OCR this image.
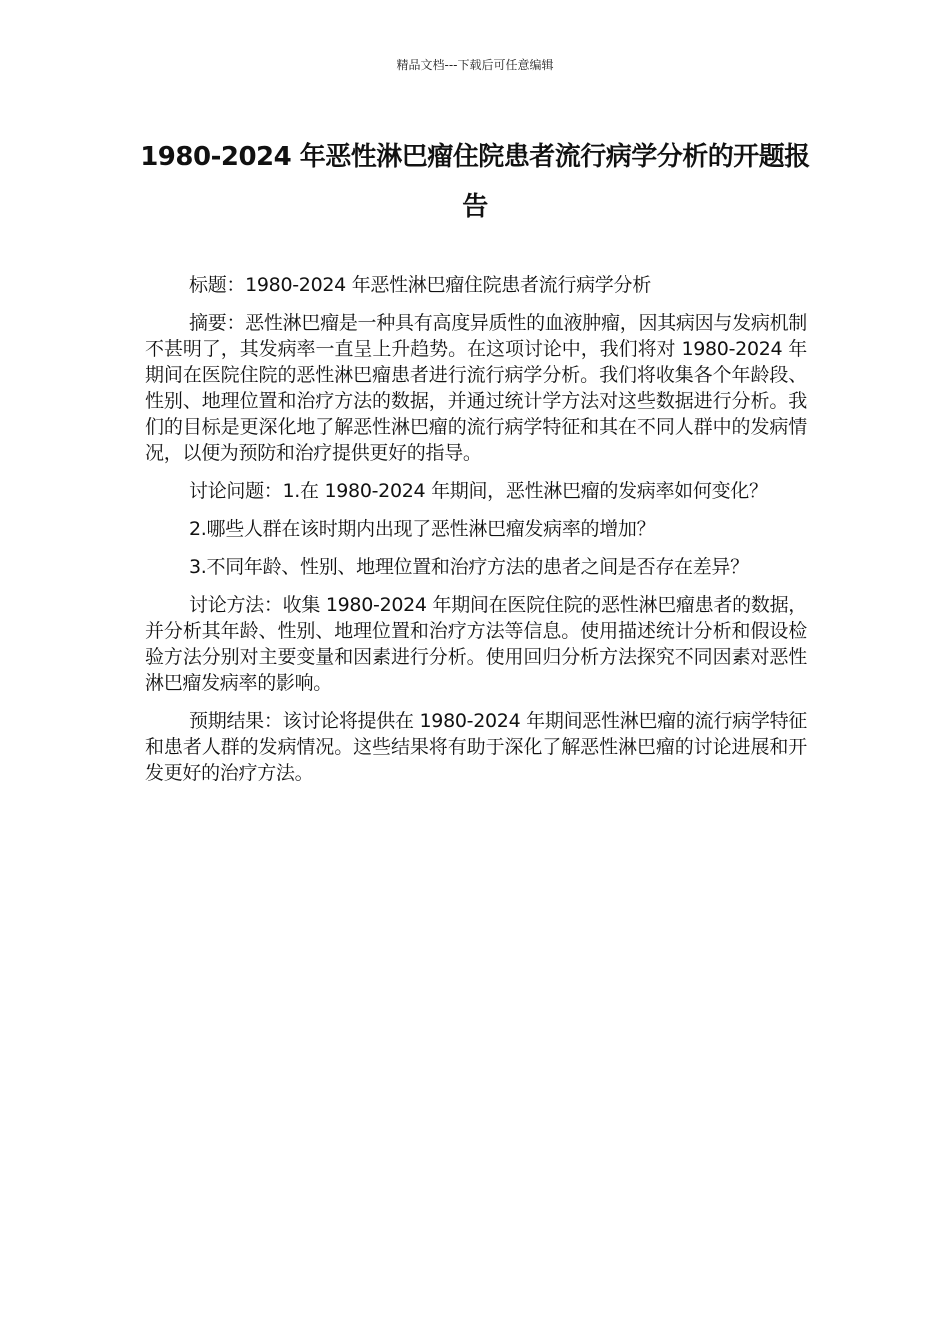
精品文档---下载后可任意编辑
1980-2024 年恶性淋巴瘤住院患者流行病学分析的开题报告

标题：1980-2024 年恶性淋巴瘤住院患者流行病学分析

摘要：恶性淋巴瘤是一种具有高度异质性的血液肿瘤，因其病因与发病机制不甚明了，其发病率一直呈上升趋势。在这项讨论中，我们将对 1980-2024 年期间在医院住院的恶性淋巴瘤患者进行流行病学分析。我们将收集各个年龄段、性别、地理位置和治疗方法的数据，并通过统计学方法对这些数据进行分析。我们的目标是更深化地了解恶性淋巴瘤的流行病学特征和其在不同人群中的发病情况，以便为预防和治疗提供更好的指导。

讨论问题：1.在 1980-2024 年期间，恶性淋巴瘤的发病率如何变化？

2.哪些人群在该时期内出现了恶性淋巴瘤发病率的增加？

3.不同年龄、性别、地理位置和治疗方法的患者之间是否存在差异？

讨论方法：收集 1980-2024 年期间在医院住院的恶性淋巴瘤患者的数据，并分析其年龄、性别、地理位置和治疗方法等信息。使用描述统计分析和假设检验方法分别对主要变量和因素进行分析。使用回归分析方法探究不同因素对恶性淋巴瘤发病率的影响。

预期结果：该讨论将提供在 1980-2024 年期间恶性淋巴瘤的流行病学特征和患者人群的发病情况。这些结果将有助于深化了解恶性淋巴瘤的讨论进展和开发更好的治疗方法。
